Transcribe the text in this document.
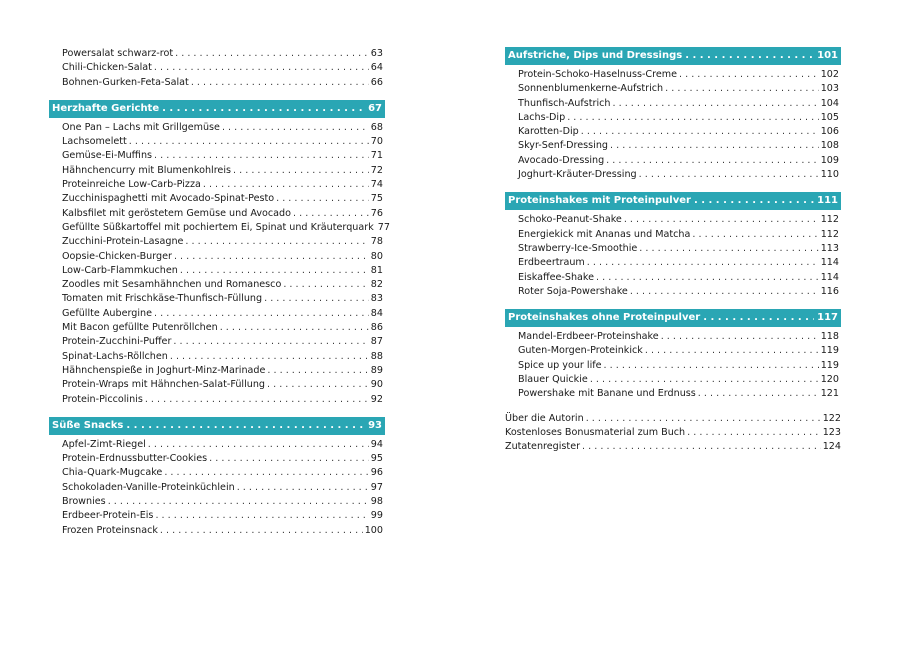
Powersalat schwarz-rot . . .	63
Chili-Chicken-Salat . . .	64
Bohnen-Gurken-Feta-Salat . . .	66
Herzhafte Gerichte . . .	67
One Pan – Lachs mit Grillgemüse . . .	68
Lachsomelett . . .	70
Gemüse-Ei-Muffins . . .	71
Hähnchencurry mit Blumenkohlreis . . .	72
Proteinreiche Low-Carb-Pizza . . .	74
Zucchinispaghetti mit Avocado-Spinat-Pesto . . .	75
Kalbsfilet mit geröstetem Gemüse und Avocado . . .	76
Gefüllte Süßkartoffel mit pochiertem Ei, Spinat und Kräuterquark 77
Zucchini-Protein-Lasagne . . .	78
Oopsie-Chicken-Burger . . .	80
Low-Carb-Flammkuchen . . .	81
Zoodles mit Sesamhähnchen und Romanesco . . .	82
Tomaten mit Frischkäse-Thunfisch-Füllung . . .	83
Gefüllte Aubergine . . .	84
Mit Bacon gefüllte Putenröllchen . . .	86
Protein-Zucchini-Puffer . . .	87
Spinat-Lachs-Röllchen . . .	88
Hähnchenspieße in Joghurt-Minz-Marinade . . .	89
Protein-Wraps mit Hähnchen-Salat-Füllung . . .	90
Protein-Piccolinis . . .	92
Süße Snacks . . .	93
Apfel-Zimt-Riegel . . .	94
Protein-Erdnussbutter-Cookies . . .	95
Chia-Quark-Mugcake . . .	96
Schokoladen-Vanille-Proteinküchlein . . .	97
Brownies . . .	98
Erdbeer-Protein-Eis . . .	99
Frozen Proteinsnack . . .	100
Aufstriche, Dips und Dressings . . .	101
Protein-Schoko-Haselnuss-Creme . . .	102
Sonnenblumenkerne-Aufstrich . . .	103
Thunfisch-Aufstrich . . .	104
Lachs-Dip . . .	105
Karotten-Dip . . .	106
Skyr-Senf-Dressing . . .	108
Avocado-Dressing . . .	109
Joghurt-Kräuter-Dressing . . .	110
Proteinshakes mit Proteinpulver . . .	111
Schoko-Peanut-Shake . . .	112
Energiekick mit Ananas und Matcha . . .	112
Strawberry-Ice-Smoothie . . .	113
Erdbeertraum . . .	114
Eiskaffee-Shake . . .	114
Roter Soja-Powershake . . .	116
Proteinshakes ohne Proteinpulver . . .	117
Mandel-Erdbeer-Proteinshake . . .	118
Guten-Morgen-Proteinkick . . .	119
Spice up your life . . .	119
Blauer Quickie . . .	120
Powershake mit Banane und Erdnuss . . .	121
Über die Autorin . . .	122
Kostenloses Bonusmaterial zum Buch . . .	123
Zutatenregister . . .	124
